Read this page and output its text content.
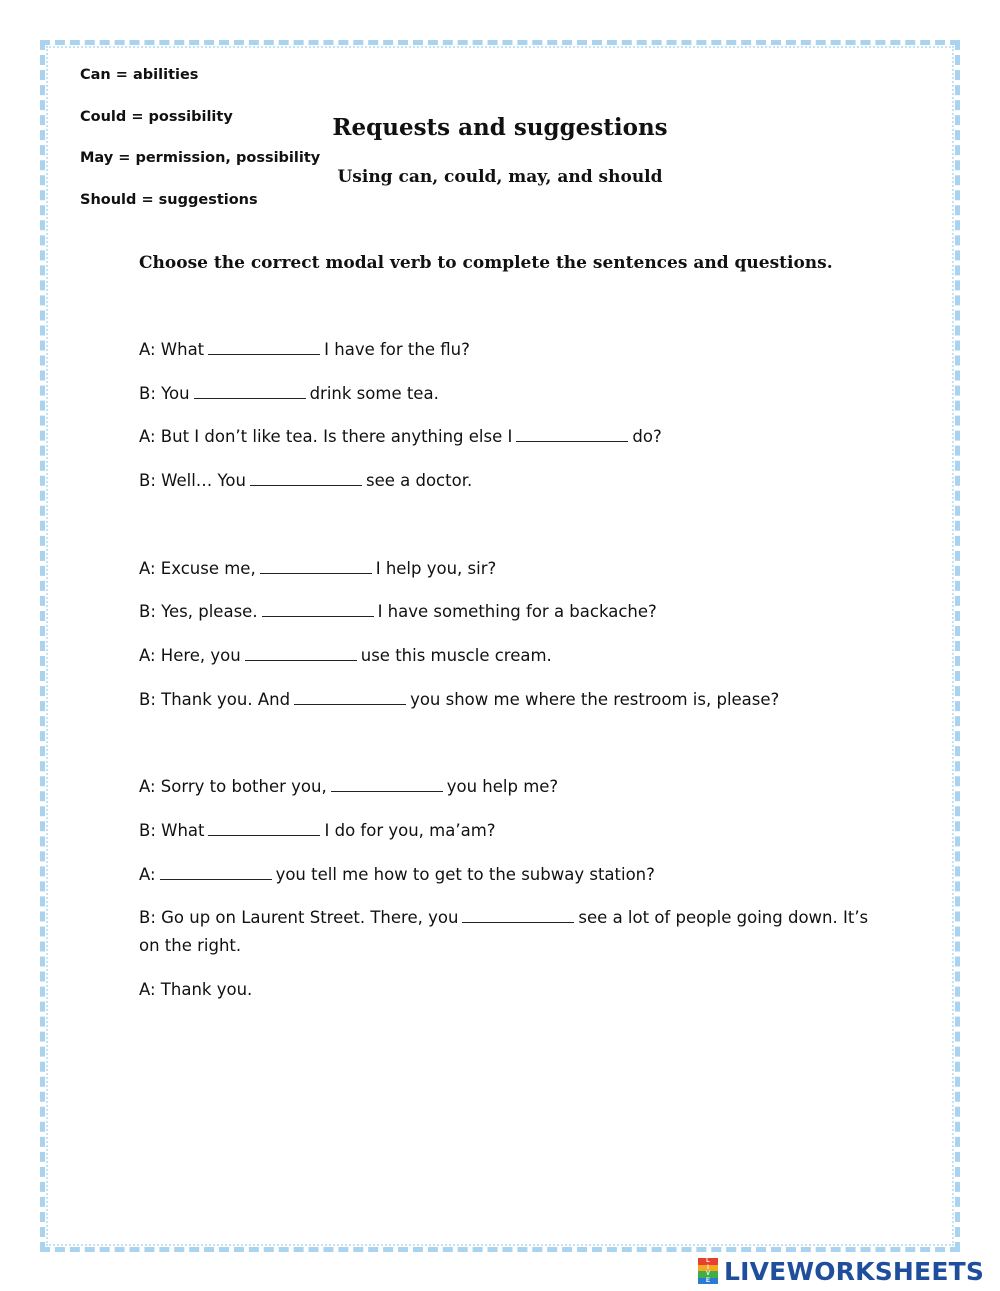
Can = abilities
Could = possibility
May = permission, possibility
Should = suggestions
Requests and suggestions
Using can, could, may, and should

Choose the correct modal verb to complete the sentences and questions.

A: What	I have for the flu?

B: You	drink some tea.

A: But I don’t like tea. Is there anything else I	do?

B: Well… You	see a doctor.

A: Excuse me,	I help you, sir?

B: Yes, please.	I have something for a backache?

A: Here, you	use this muscle cream.

B: Thank you. And	you show me where the restroom is, please?

A: Sorry to bother you,	you help me?

B: What	I do for you, ma’am?

A:	you tell me how to get to the subway station?

B: Go up on Laurent Street. There, you	see a lot of people going down. It’s on the right.

A: Thank you.

L
I
V
E LIVEWORKSHEETS
